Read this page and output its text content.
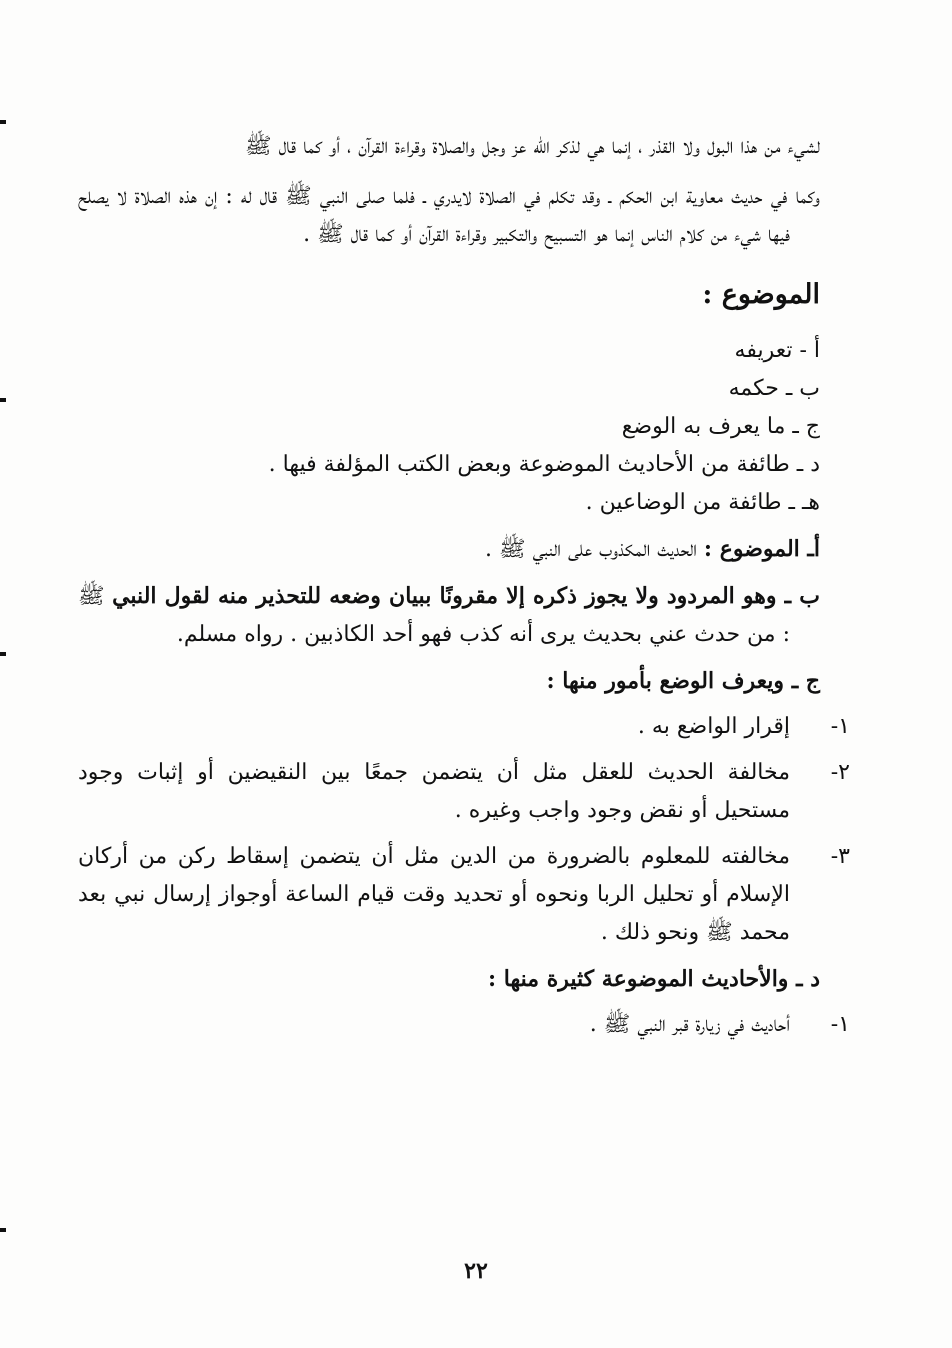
لشيء من هذا البول ولا القذر ، إنما هي لذكر الله عز وجل والصلاة وقراءة القرآن ، أو كما قال ﷺ

وكما في حديث معاوية ابن الحكم ـ وقد تكلم في الصلاة لايدري ـ فلما صلى النبي ﷺ قال له : إن هذه الصلاة لا يصلح فيها شيء من كلام الناس إنما هو التسبيح والتكبير وقراءة القرآن أو كما قال ﷺ .

الموضوع :

أ - تعريفه

ب ـ حكمه

ج ـ ما يعرف به الوضع

د ـ طائفة من الأحاديث الموضوعة وبعض الكتب المؤلفة فيها .

هـ ـ طائفة من الوضاعين .

أـ الموضوع : الحديث المكذوب على النبي ﷺ .

ب ـ وهو المردود ولا يجوز ذكره إلا مقرونًا ببيان وضعه للتحذير منه لقول النبي ﷺ : من حدث عني بحديث يرى أنه كذب فهو أحد الكاذبين . رواه مسلم.

ج ـ ويعرف الوضع بأمور منها :

١-إقرار الواضع به .

٢-مخالفة الحديث للعقل مثل أن يتضمن جمعًا بين النقيضين أو إثبات وجود مستحيل أو نقض وجود واجب وغيره .

٣-مخالفته للمعلوم بالضرورة من الدين مثل أن يتضمن إسقاط ركن من أركان الإسلام أو تحليل الربا ونحوه أو تحديد وقت قيام الساعة أوجواز إرسال نبي بعد محمد ﷺ ونحو ذلك .

د ـ والأحاديث الموضوعة كثيرة منها :

١-أحاديث في زيارة قبر النبي ﷺ .

٢٢
